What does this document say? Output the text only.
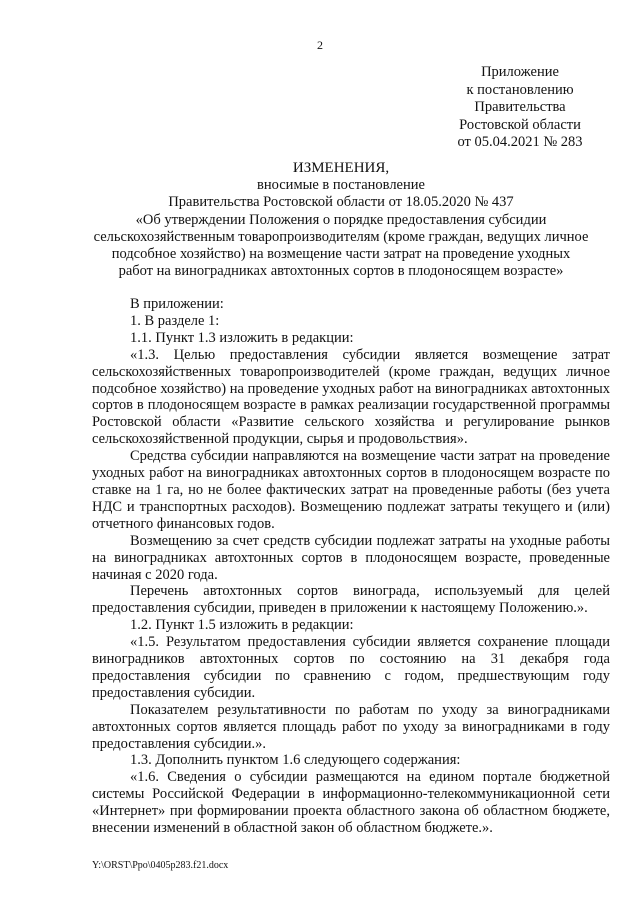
2
Приложение
к постановлению
Правительства
Ростовской области
от 05.04.2021 № 283
ИЗМЕНЕНИЯ,
вносимые в постановление
Правительства Ростовской области от 18.05.2020 № 437
«Об утверждении Положения о порядке предоставления субсидии
сельскохозяйственным товаропроизводителям (кроме граждан, ведущих личное
подсобное хозяйство) на возмещение части затрат на проведение уходных
работ на виноградниках автохтонных сортов в плодоносящем возрасте»

В приложении:

1. В разделе 1:

1.1. Пункт 1.3 изложить в редакции:

«1.3. Целью предоставления субсидии является возмещение затрат сельскохозяйственных товаропроизводителей (кроме граждан, ведущих личное подсобное хозяйство) на проведение уходных работ на виноградниках автохтонных сортов в плодоносящем возрасте в рамках реализации государственной программы Ростовской области «Развитие сельского хозяйства и регулирование рынков сельскохозяйственной продукции, сырья и продовольствия».

Средства субсидии направляются на возмещение части затрат на проведение уходных работ на виноградниках автохтонных сортов в плодоносящем возрасте по ставке на 1 га, но не более фактических затрат на проведенные работы (без учета НДС и транспортных расходов). Возмещению подлежат затраты текущего и (или) отчетного финансовых годов.

Возмещению за счет средств субсидии подлежат затраты на уходные работы на виноградниках автохтонных сортов в плодоносящем возрасте, проведенные начиная с 2020 года.

Перечень автохтонных сортов винограда, используемый для целей предоставления субсидии, приведен в приложении к настоящему Положению.».

1.2. Пункт 1.5 изложить в редакции:

«1.5. Результатом предоставления субсидии является сохранение площади виноградников автохтонных сортов по состоянию на 31 декабря года предоставления субсидии по сравнению с годом, предшествующим году предоставления субсидии.

Показателем результативности по работам по уходу за виноградниками автохтонных сортов является площадь работ по уходу за виноградниками в году предоставления субсидии.».

1.3. Дополнить пунктом 1.6 следующего содержания:

«1.6. Сведения о субсидии размещаются на едином портале бюджетной системы Российской Федерации в информационно-телекоммуникационной сети «Интернет» при формировании проекта областного закона об областном бюджете, внесении изменений в областной закон об областном бюджете.».

Y:\ORST\Ppo\0405p283.f21.docx
